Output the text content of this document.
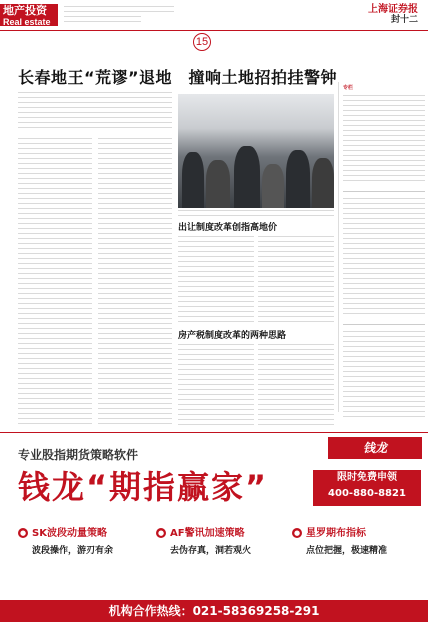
地产投资
Real estate
15
上海证券报
封十二
长春地王“荒谬”退地　撞响土地招拍挂警钟
出让制度改革创指高地价
房产税制度改革的两种思路
专栏
专业股指期货策略软件	钱龙
钱龙“期指赢家”	限时免费申领
400-880-8821
● SK波段动量策略
波段操作，游刃有余
● AF警讯加速策略
去伪存真，洞若观火
● 星罗期布指标
点位把握，极速精准
机构合作热线：021-58369258-291
